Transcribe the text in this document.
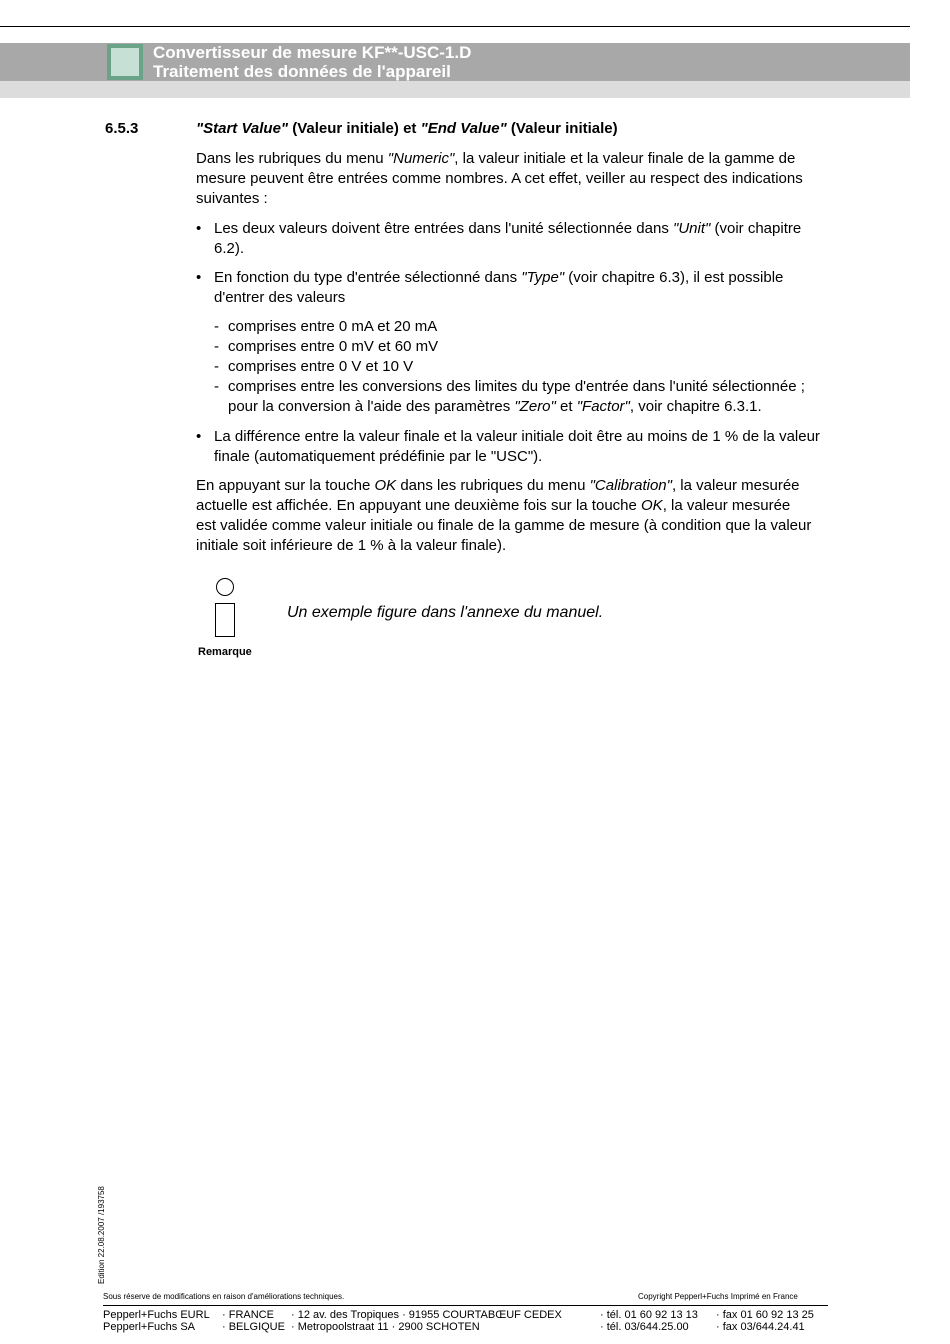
Convertisseur de mesure KF**-USC-1.D
Traitement des données de l'appareil
6.5.3	"Start Value" (Valeur initiale) et "End Value" (Valeur initiale)
Dans les rubriques du menu "Numeric", la valeur initiale et la valeur finale de la gamme de
mesure peuvent être entrées comme nombres. A cet effet, veiller au respect des indications
suivantes :
• Les deux valeurs doivent être entrées dans l'unité sélectionnée dans "Unit" (voir chapitre
6.2).
• En fonction du type d'entrée sélectionné dans "Type" (voir chapitre 6.3), il est possible
d'entrer des valeurs
- comprises entre 0 mA et 20 mA
- comprises entre 0 mV et 60 mV
- comprises entre 0 V et 10 V
- comprises entre les conversions des limites du type d'entrée dans l'unité sélectionnée ;
pour la conversion à l'aide des paramètres "Zero" et "Factor", voir chapitre 6.3.1.
• La différence entre la valeur finale et la valeur initiale doit être au moins de 1 % de la valeur
finale (automatiquement prédéfinie par le "USC").
En appuyant sur la touche OK dans les rubriques du menu "Calibration", la valeur mesurée
actuelle est affichée. En appuyant une deuxième fois sur la touche OK, la valeur mesurée
est validée comme valeur initiale ou finale de la gamme de mesure (à condition que la valeur
initiale soit inférieure de 1 % à la valeur finale).
Remarque
Un exemple figure dans l'annexe du manuel.
Edition 22.08.2007 /193758
Sous réserve de modifications en raison d'améliorations techniques.	Copyright Pepperl+Fuchs Imprimé en France
Pepperl+Fuchs EURL · FRANCE · 12 av. des Tropiques · 91955 COURTABŒUF CEDEX	· tél. 01 60 92 13 13 · fax 01 60 92 13 25
Pepperl+Fuchs SA · BELGIQUE · Metropoolstraat 11 · 2900 SCHOTEN	· tél. 03/644.25.00 · fax 03/644.24.41
